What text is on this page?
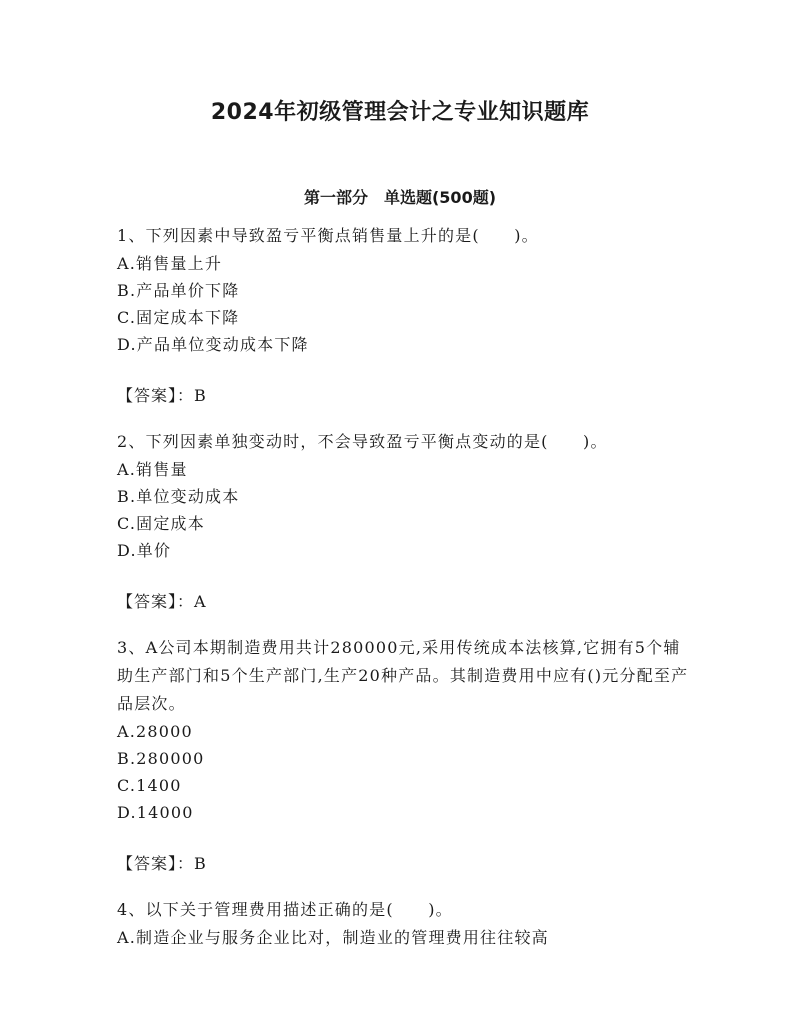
2024年初级管理会计之专业知识题库
第一部分　单选题(500题)

1、下列因素中导致盈亏平衡点销售量上升的是(　　)。

A.销售量上升

B.产品单价下降

C.固定成本下降

D.产品单位变动成本下降

【答案】：B

2、下列因素单独变动时，不会导致盈亏平衡点变动的是(　　)。

A.销售量

B.单位变动成本

C.固定成本

D.单价

【答案】：A

3、A公司本期制造费用共计280000元,采用传统成本法核算,它拥有5个辅助生产部门和5个生产部门,生产20种产品。其制造费用中应有()元分配至产品层次。

A.28000

B.280000

C.1400

D.14000

【答案】：B

4、以下关于管理费用描述正确的是(　　)。

A.制造企业与服务企业比对，制造业的管理费用往往较高
